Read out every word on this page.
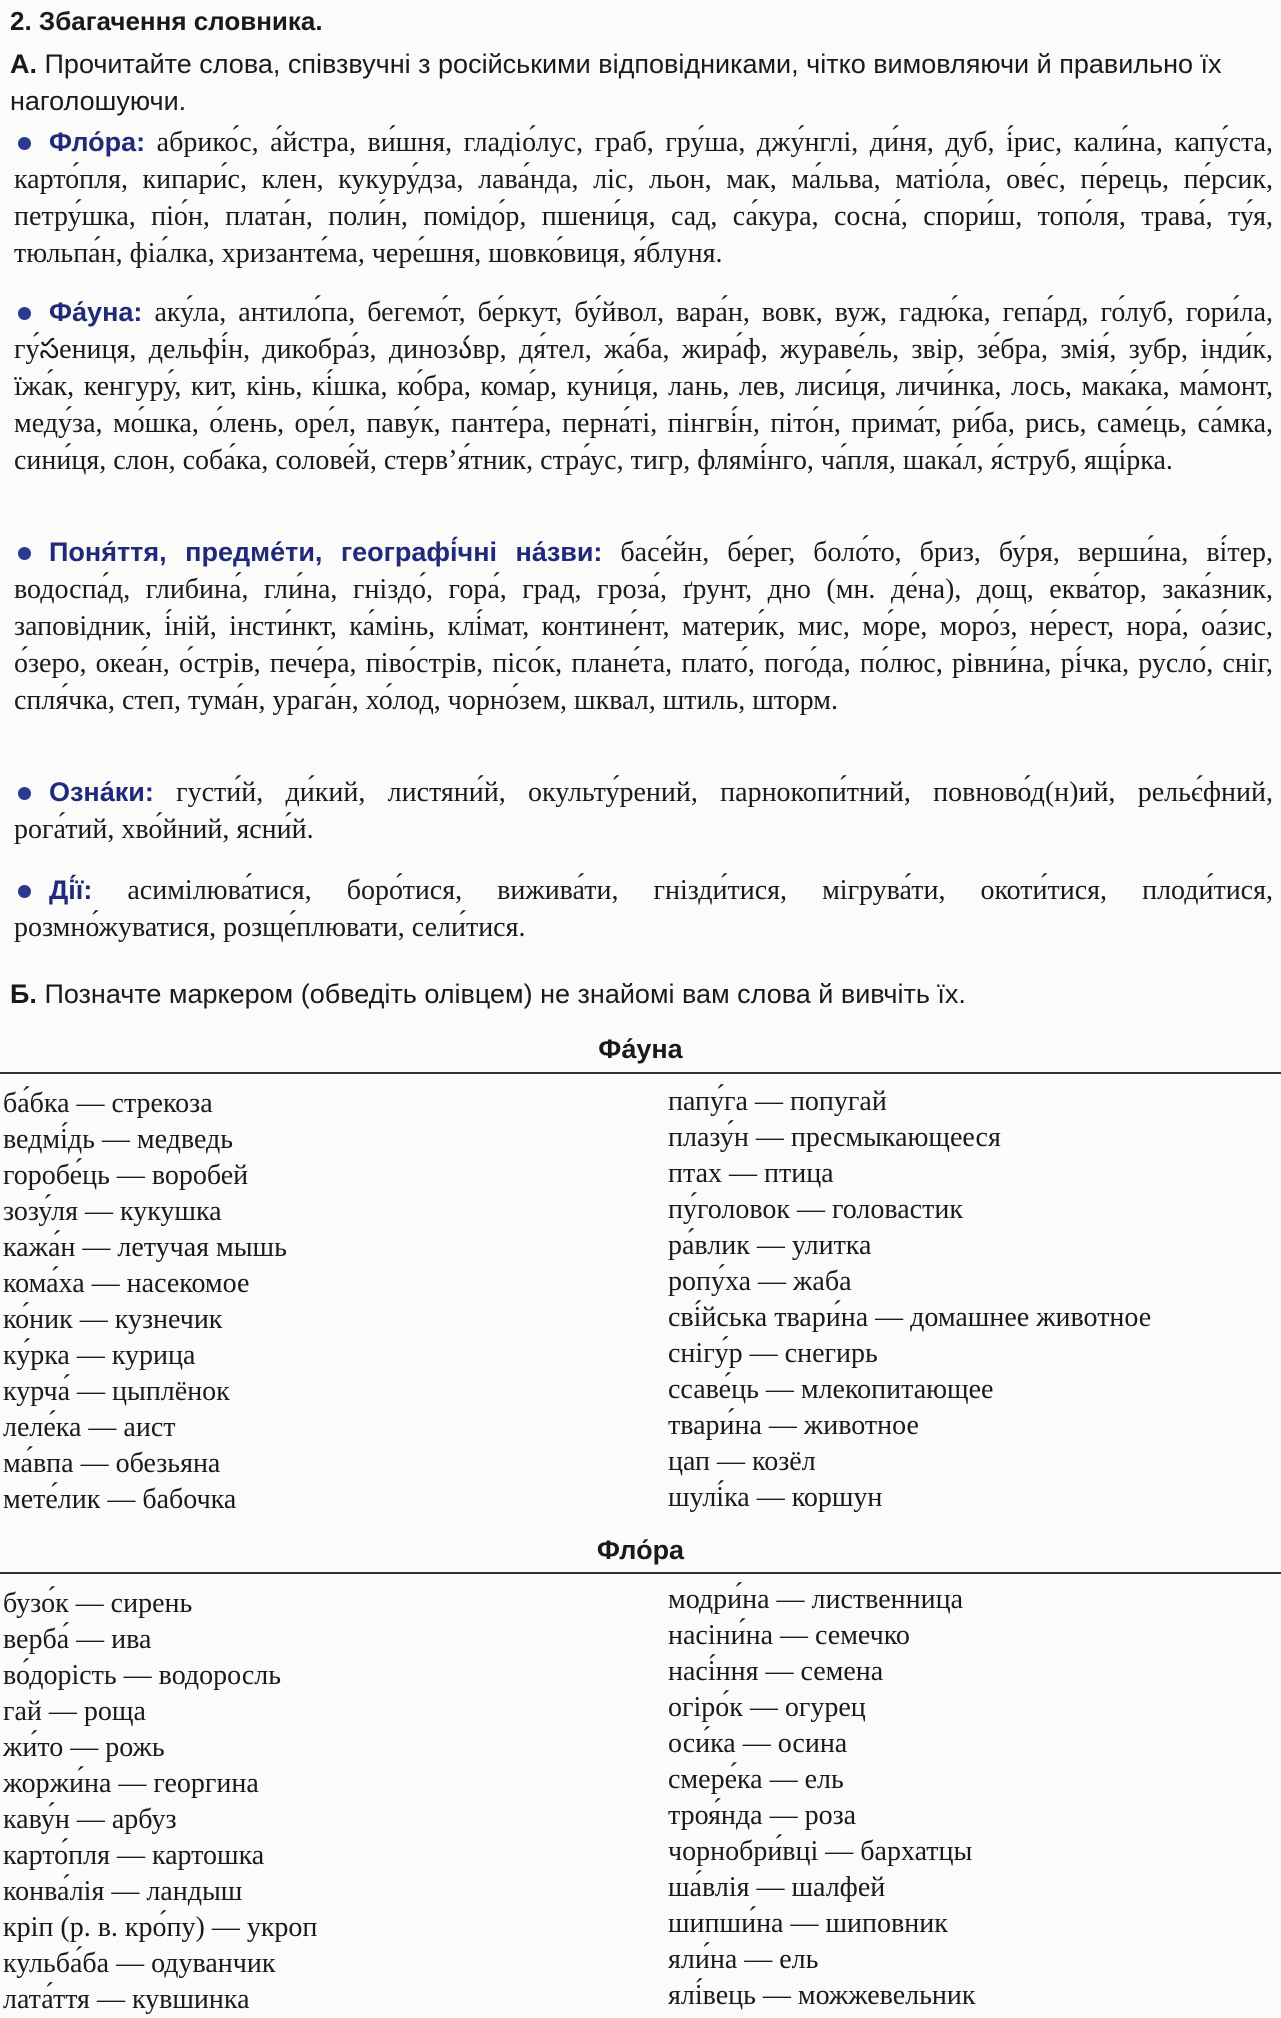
2. Збагачення словника.
А. Прочитайте слова, співзвучні з російськими відповідниками, чітко вимовляючи й правильно їх наголошуючи.
Фло́ра: абрико́с, а́йстра, ви́шня, гладіо́лус, граб, гру́ша, джу́нглі, ди́ня, дуб, і́рис, кали́на, капу́ста, карто́пля, кипари́с, клен, кукуру́дза, лава́нда, ліс, льон, мак, ма́льва, матіо́ла, ове́с, пе́рець, пе́рсик, петру́шка, піо́н, плата́н, поли́н, помідо́р, пшени́ця, сад, са́кура, сосна́, спори́ш, топо́ля, трава́, ту́я, тюльпа́н, фіа́лка, хризанте́ма, чере́шня, шовко́виця, я́блуня.
Фа́уна: аку́ла, антило́па, бегемо́т, бе́ркут, бу́йвол, вара́н, вовк, вуж, гадю́ка, гепа́рд, го́луб, гори́ла, гу́సениця, дельфі́н, дикобра́з, динозა́вр, дя́тел, жа́ба, жира́ф, жураве́ль, звір, зе́бра, змія́, зубр, інди́к, їжа́к, кенгуру́, кит, кінь, кі́шка, ко́бра, кома́р, куни́ця, лань, лев, лиси́ця, личи́нка, лось, мака́ка, ма́монт, меду́за, мо́шка, о́лень, оре́л, паву́к, панте́ра, перна́ті, пінгві́н, піто́н, прима́т, ри́ба, рись, саме́ць, са́мка, сини́ця, слон, соба́ка, солове́й, стерв’я́тник, стра́ус, тигр, флямі́нго, ча́пля, шака́л, я́струб, ящі́рка.
Поня́ття, предме́ти, географі́чні на́зви: басе́йн, бе́рег, боло́то, бриз, бу́ря, верши́на, ві́тер, водоспа́д, глибина́, гли́на, гніздо́, гора́, град, гроза́, ґрунт, дно (мн. де́на), дощ, еква́тор, зака́зник, заповідник, і́ній, інсти́нкт, ка́мінь, клі́мат, контине́нт, матери́к, мис, мо́ре, моро́з, не́рест, нора́, оа́зис, о́зеро, океа́н, о́стрів, пече́ра, піво́стрів, пісо́к, плане́та, плато́, пого́да, по́люс, рівни́на, рі́чка, русло́, сніг, спля́чка, степ, тума́н, урага́н, хо́лод, чорно́зем, шквал, штиль, шторм.
Озна́ки: густи́й, ди́кий, листяни́й, окульту́рений, парнокопи́тний, повново́д(н)ий, рельє́фний, рога́тий, хво́йний, ясни́й.
Ді́ї: асимілюва́тися, боро́тися, вижива́ти, гнізди́тися, мігрува́ти, окоти́тися, плоди́тися, розмно́жуватися, розще́плювати, сели́тися.
Б. Позначте маркером (обведіть олівцем) не знайомі вам слова й вивчіть їх.
Фа́уна
ба́бка — стрекоза
ведмі́дь — медведь
горобе́ць — воробей
зозу́ля — кукушка
кажа́н — летучая мышь
кома́ха — насекомое
ко́ник — кузнечик
ку́рка — курица
курча́ — цыплёнок
леле́ка — аист
ма́впа — обезьяна
мете́лик — бабочка
папу́га — попугай
плазу́н — пресмыкающееся
птах — птица
пу́головок — головастик
ра́влик — улитка
ропу́ха — жаба
сві́йська твари́на — домашнее животное
снігу́р — снегирь
ссаве́ць — млекопитающее
твари́на — животное
цап — козёл
шулі́ка — коршун
Фло́ра
бузо́к — сирень
верба́ — ива
во́дорість — водоросль
гай — роща
жи́то — рожь
жоржи́на — георгина
каву́н — арбуз
карто́пля — картошка
конва́лія — ландыш
кріп (р. в. кро́пу) — укроп
кульба́ба — одуванчик
лата́ття — кувшинка
модри́на — лиственница
насіни́на — семечко
насі́ння — семена
огіро́к — огурец
оси́ка — осина
смере́ка — ель
троя́нда — роза
чорнобри́вці — бархатцы
ша́влія — шалфей
шипши́на — шиповник
яли́на — ель
ялі́вець — можжевельник
